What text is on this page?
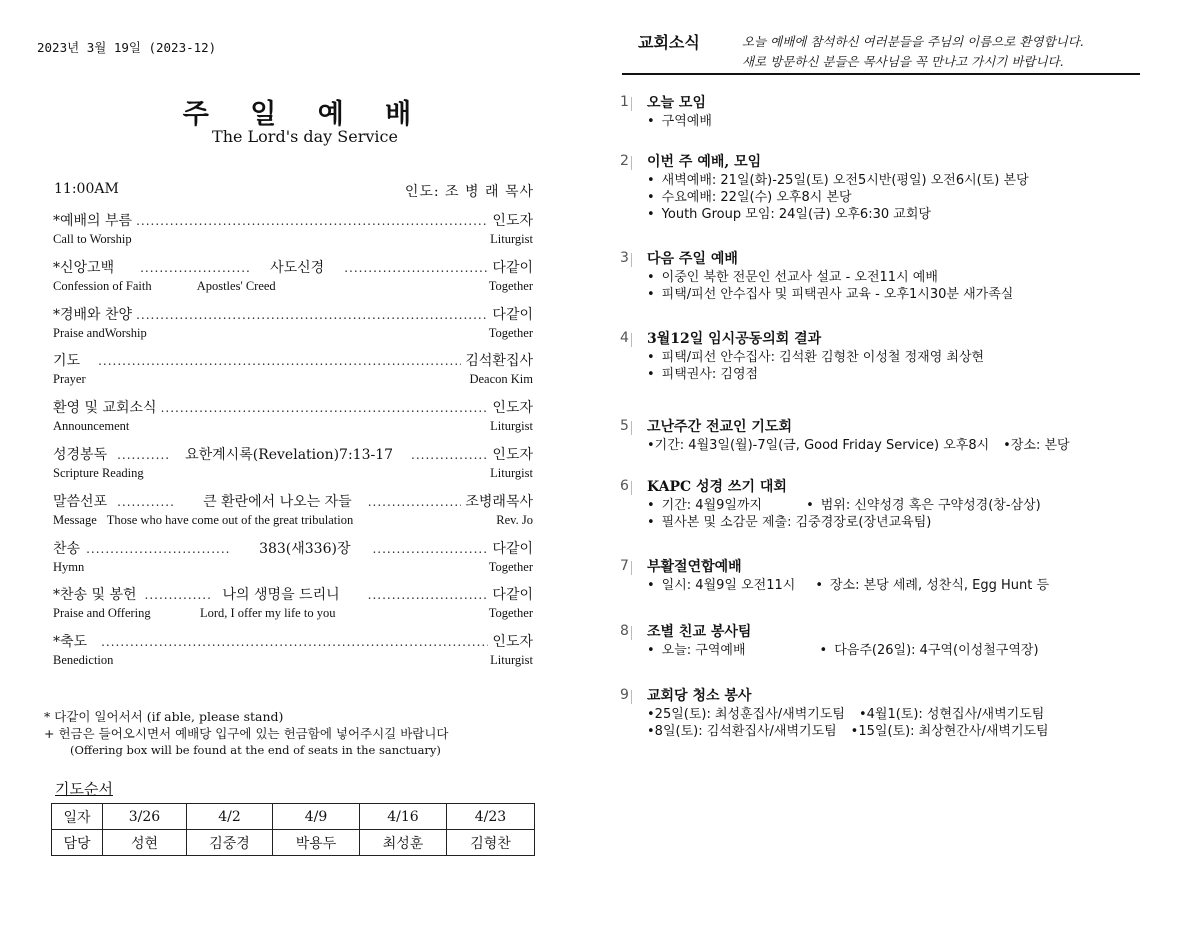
2023년 3월 19일 (2023-12)
주 일 예 배
The Lord's day Service
11:00AM	인도: 조 병 래 목사
*예배의 부름 .....	인도자
Call to Worship	Liturgist
*신앙고백 .....	사도신경 .....	다같이
Confession of Faith	Apostles' Creed	Together
*경배와 찬양 .....	다같이
Praise andWorship	Together
기도 .....	김석환집사
Prayer	Deacon Kim
환영 및 교회소식 .....	인도자
Announcement	Liturgist
성경봉독 .....	요한계시록(Revelation)7:13-17 .....	인도자
Scripture Reading	Liturgist
말씀선포 .....	큰 환란에서 나오는 자들 .....	조병래목사
Message Those who have come out of the great tribulation	Rev. Jo
찬송 .....	383(새336)장 .....	다같이
Hymn	Together
*찬송 및 봉헌 .....	나의 생명을 드리니 .....	다같이
Praise and Offering	Lord, I offer my life to you	Together
*축도 .....	인도자
Benediction	Liturgist
* 다같이 일어서서 (if able, please stand)
+ 헌금은 들어오시면서 예배당 입구에 있는 헌금함에 넣어주시길 바랍니다
(Offering box will be found at the end of seats in the sanctuary)
기도순서
일자	3/26	4/2	4/9	4/16	4/23
담당	성현	김중경	박용두	최성훈	김형찬
교회소식	오늘 예배에 참석하신 여러분들을 주님의 이름으로 환영합니다.
새로 방문하신 분들은 목사님을 꼭 만나고 가시기 바랍니다.
1 오늘 모임
• 구역예배
2 이번 주 예배, 모임
• 새벽예배: 21일(화)-25일(토) 오전5시반(평일) 오전6시(토) 본당
• 수요예배: 22일(수) 오후8시 본당
• Youth Group 모임: 24일(금) 오후6:30 교회당
3 다음 주일 예배
• 이중인 북한 전문인 선교사 설교 - 오전11시 예배
• 피택/피선 안수집사 및 피택권사 교육 - 오후1시30분 새가족실
4 3월12일 임시공동의회 결과
• 피택/피선 안수집사: 김석환 김형찬 이성철 정재영 최상현
• 피택권사: 김영점
5 고난주간 전교인 기도회
•기간: 4월3일(월)-7일(금, Good Friday Service) 오후8시 •장소: 본당
6 KAPC 성경 쓰기 대회
• 기간: 4월9일까지	• 범위: 신약성경 혹은 구약성경(창-삼상)
• 필사본 및 소감문 제출: 김중경장로(장년교육팀)
7 부활절연합예배
• 일시: 4월9일 오전11시 • 장소: 본당 세례, 성찬식, Egg Hunt 등
8 조별 친교 봉사팀
• 오늘: 구역예배	• 다음주(26일): 4구역(이성철구역장)
9 교회당 청소 봉사
•25일(토): 최성훈집사/새벽기도팀 •4월1(토): 성현집사/새벽기도팀
•8일(토): 김석환집사/새벽기도팀 •15일(토): 최상현간사/새벽기도팀
